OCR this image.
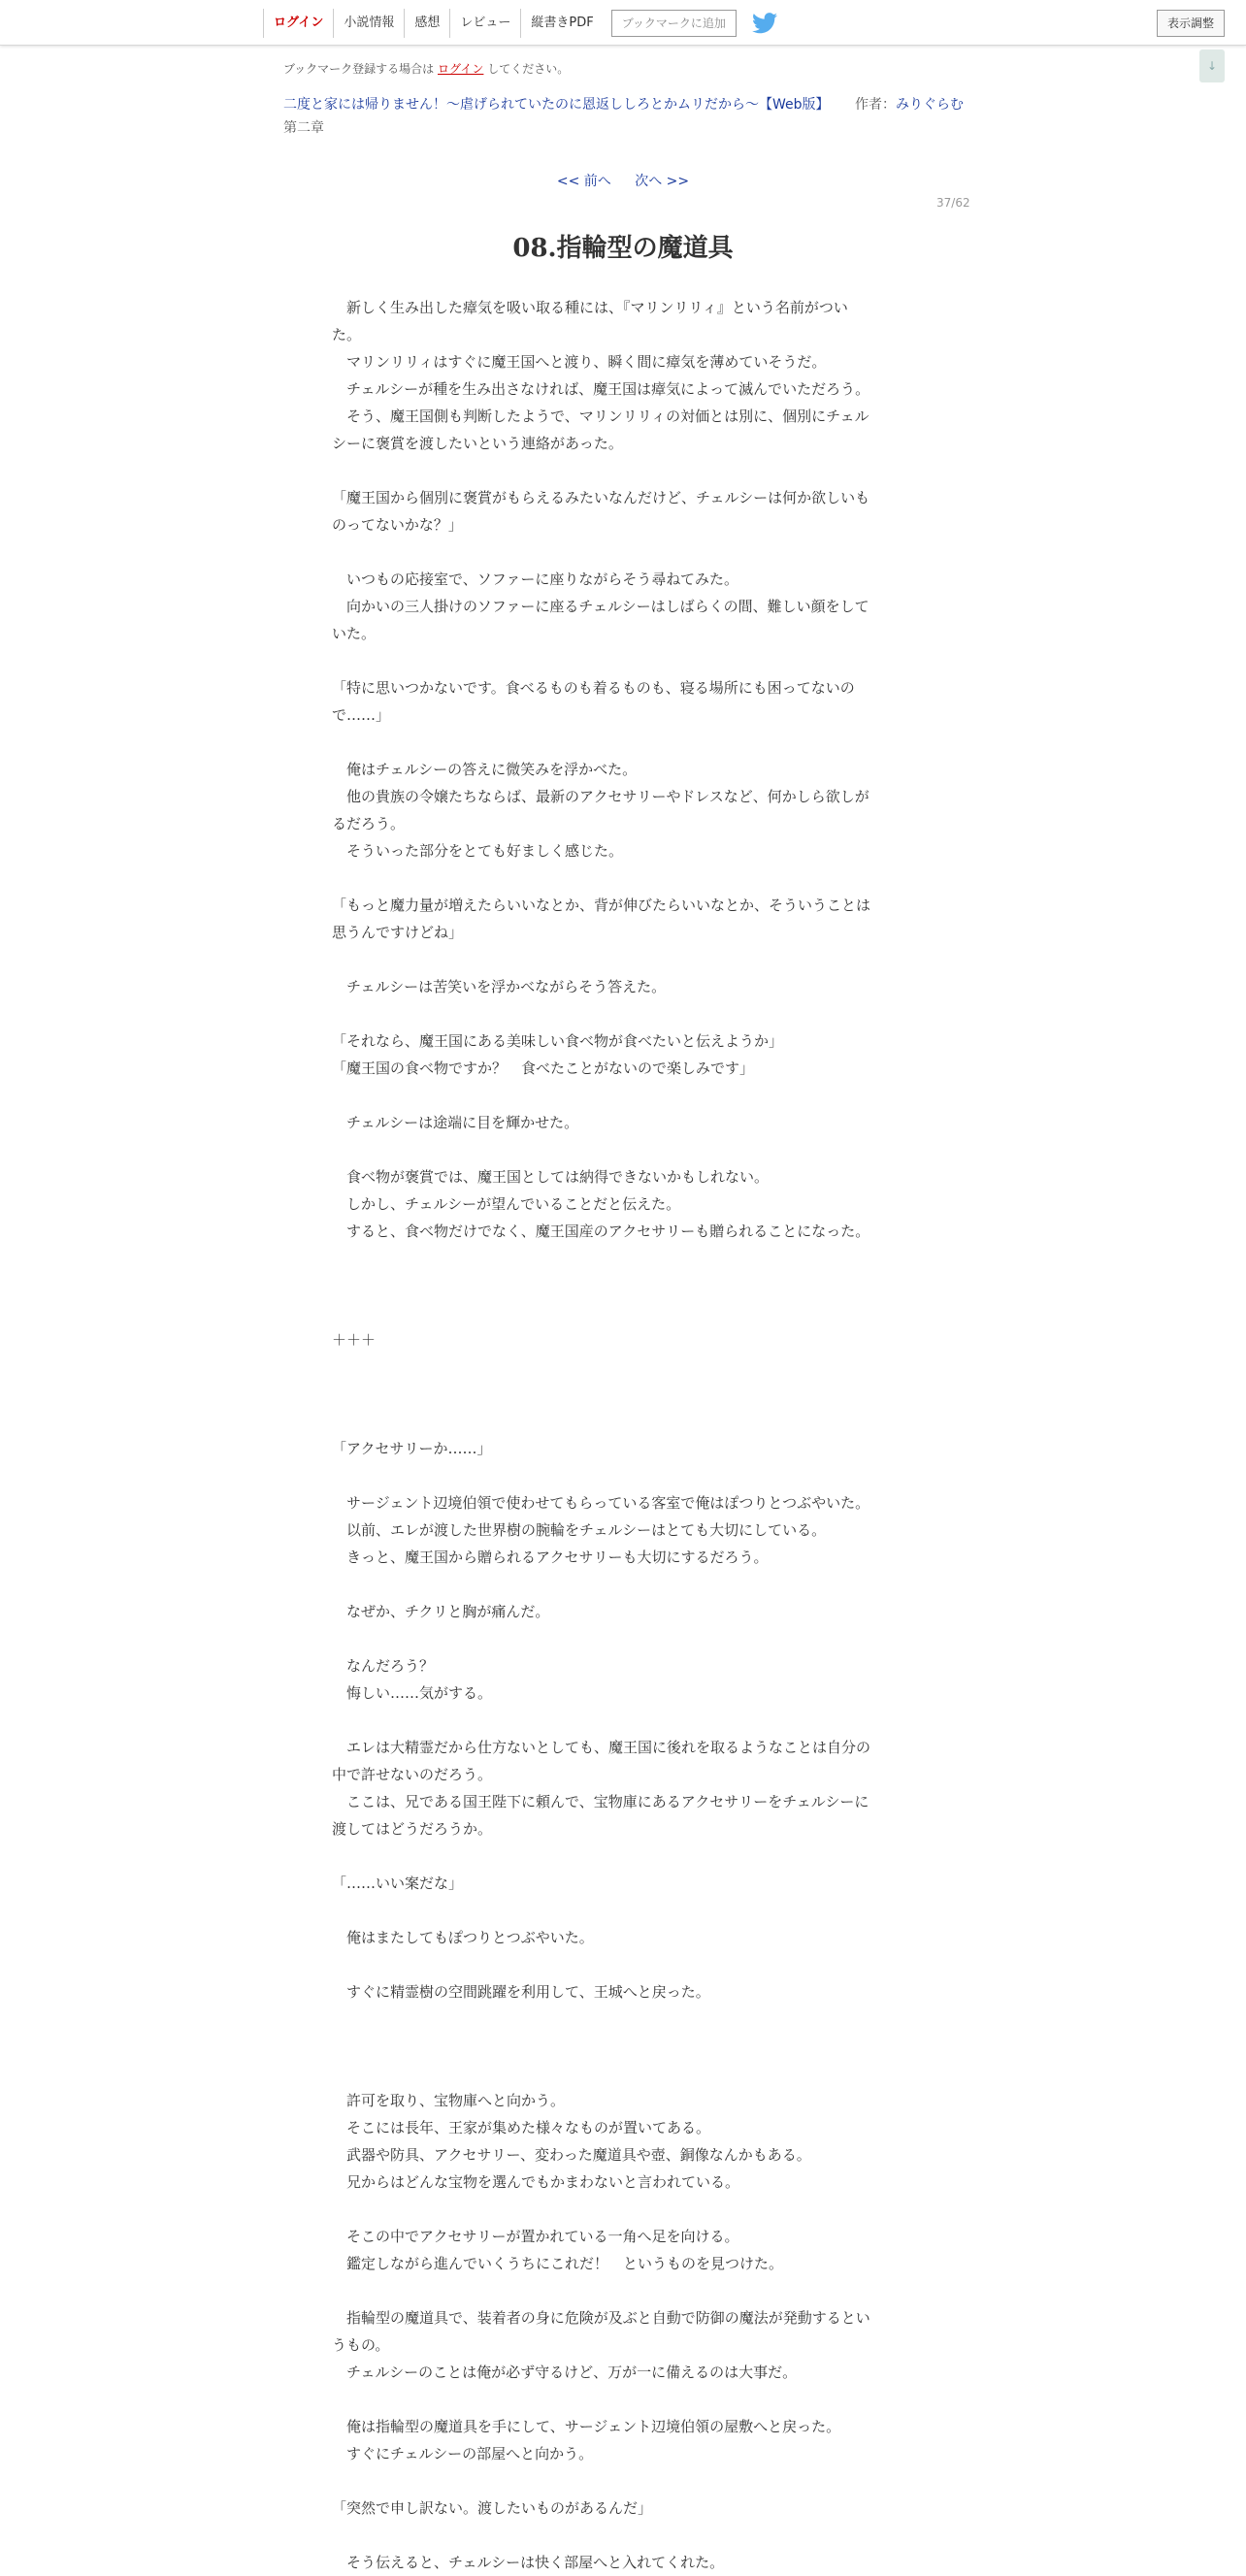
ログイン	小説情報	感想	レビュー	縦書きPDF	ブックマークに追加	表示調整
↓
ブックマーク登録する場合は ログイン してください。
二度と家には帰りません！～虐げられていたのに恩返ししろとかムリだから～【Web版】 作者：みりぐらむ
第二章
<< 前へ 次へ >>
37/62
08.指輪型の魔道具
　新しく生み出した瘴気を吸い取る種には、『マリンリリィ』という名前がつい
た。
　マリンリリィはすぐに魔王国へと渡り、瞬く間に瘴気を薄めていそうだ。
　チェルシーが種を生み出さなければ、魔王国は瘴気によって滅んでいただろう。
　そう、魔王国側も判断したようで、マリンリリィの対価とは別に、個別にチェル
シーに褒賞を渡したいという連絡があった。
「魔王国から個別に褒賞がもらえるみたいなんだけど、チェルシーは何か欲しいも
のってないかな？」
　いつもの応接室で、ソファーに座りながらそう尋ねてみた。
　向かいの三人掛けのソファーに座るチェルシーはしばらくの間、難しい顔をして
いた。
「特に思いつかないです。食べるものも着るものも、寝る場所にも困ってないの
で……」
　俺はチェルシーの答えに微笑みを浮かべた。
　他の貴族の令嬢たちならば、最新のアクセサリーやドレスなど、何かしら欲しが
るだろう。
　そういった部分をとても好ましく感じた。
「もっと魔力量が増えたらいいなとか、背が伸びたらいいなとか、そういうことは
思うんですけどね」
　チェルシーは苦笑いを浮かべながらそう答えた。
「それなら、魔王国にある美味しい食べ物が食べたいと伝えようか」
「魔王国の食べ物ですか？　食べたことがないので楽しみです」
　チェルシーは途端に目を輝かせた。
　食べ物が褒賞では、魔王国としては納得できないかもしれない。
　しかし、チェルシーが望んでいることだと伝えた。
　すると、食べ物だけでなく、魔王国産のアクセサリーも贈られることになった。
＋＋＋
「アクセサリーか……」
　サージェント辺境伯領で使わせてもらっている客室で俺はぽつりとつぶやいた。
　以前、エレが渡した世界樹の腕輪をチェルシーはとても大切にしている。
　きっと、魔王国から贈られるアクセサリーも大切にするだろう。
　なぜか、チクリと胸が痛んだ。
　なんだろう？
　悔しい……気がする。
　エレは大精霊だから仕方ないとしても、魔王国に後れを取るようなことは自分の
中で許せないのだろう。
　ここは、兄である国王陛下に頼んで、宝物庫にあるアクセサリーをチェルシーに
渡してはどうだろうか。
「……いい案だな」
　俺はまたしてもぽつりとつぶやいた。
　すぐに精霊樹の空間跳躍を利用して、王城へと戻った。
　許可を取り、宝物庫へと向かう。
　そこには長年、王家が集めた様々なものが置いてある。
　武器や防具、アクセサリー、変わった魔道具や壺、銅像なんかもある。
　兄からはどんな宝物を選んでもかまわないと言われている。
　そこの中でアクセサリーが置かれている一角へ足を向ける。
　鑑定しながら進んでいくうちにこれだ！　というものを見つけた。
　指輪型の魔道具で、装着者の身に危険が及ぶと自動で防御の魔法が発動するとい
うもの。
　チェルシーのことは俺が必ず守るけど、万が一に備えるのは大事だ。
　俺は指輪型の魔道具を手にして、サージェント辺境伯領の屋敷へと戻った。
　すぐにチェルシーの部屋へと向かう。
「突然で申し訳ない。渡したいものがあるんだ」
　そう伝えると、チェルシーは快く部屋へと入れてくれた。
